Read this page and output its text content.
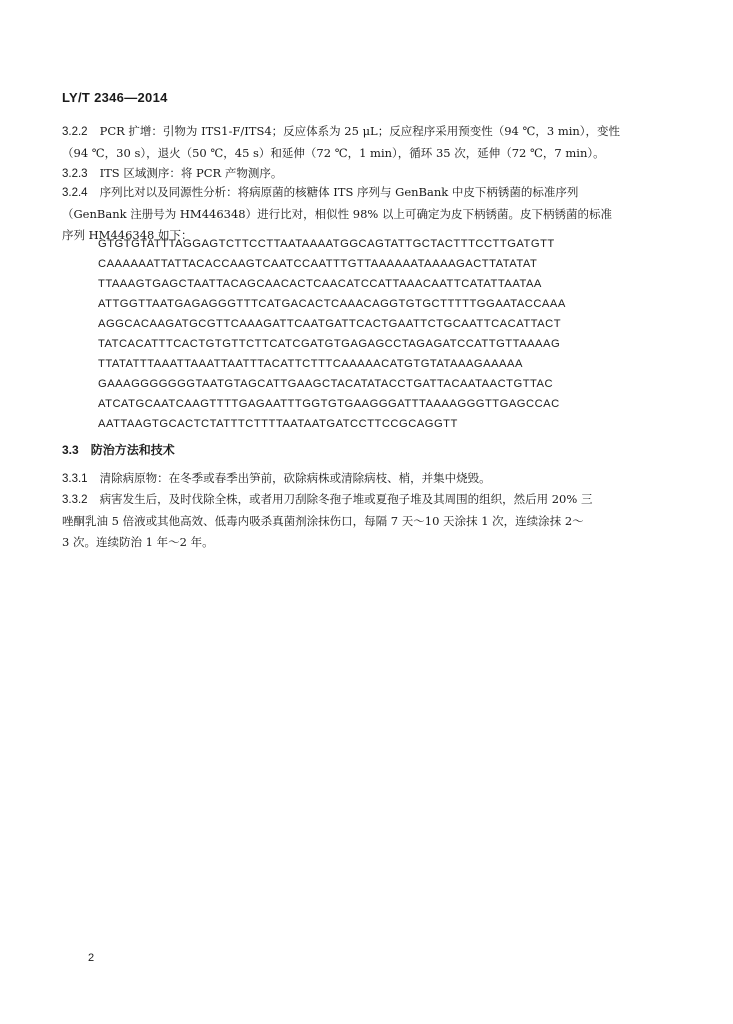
LY/T 2346—2014
3.2.2 PCR 扩增：引物为 ITS1-F/ITS4；反应体系为 25 μL；反应程序采用预变性（94 ℃，3 min），变性
（94 ℃，30 s），退火（50 ℃，45 s）和延伸（72 ℃，1 min），循环 35 次，延伸（72 ℃，7 min）。
3.2.3 ITS 区域测序：将 PCR 产物测序。
3.2.4 序列比对以及同源性分析：将病原菌的核糖体 ITS 序列与 GenBank 中皮下柄锈菌的标准序列
（GenBank 注册号为 HM446348）进行比对，相似性 98% 以上可确定为皮下柄锈菌。皮下柄锈菌的标准
序列 HM446348 如下：
GTGTGTATTTAGGAGTCTTCCTTAATAAAATGGCAGTATTGCTACTTTCCTTGATGTT
CAAAAAATTATTACACCAAGTCAATCCAATTTGTTAAAAAATAAAAGACTTATATAT
TTAAAGTGAGCTAATTACAGCAACACTCAACATCCATTAAACAATTCATATTAATAA
ATTGGTTAATGAGAGGGTTTCATGACACTCAAACAGGTGTGCTTTTTGGAATACCAAA
AGGCACAAGATGCGTTCAAAGATTCAATGATTCACTGAATTCTGCAATTCACATTACT
TATCACATTTCACTGTGTTCTTCATCGATGTGAGAGCCTAGAGATCCATTGTTAAAAG
TTATATTTAAATTAAATTAATTTACATTCTTTCAAAAACATGTGTATAAAGAAAAA
GAAAGGGGGGGTAATGTAGCATTGAAGCTACATATACCTGATTACAATAACTGTTAC
ATCATGCAATCAAGTTTTGAGAATTTGGTGTGAAGGGATTTAAAAGGGTTGAGCCAC
AATTAAGTGCACTCTATTTCTTTTAATAATGATCCTTCCGCAGGTT
3.3 防治方法和技术
3.3.1 清除病原物：在冬季或春季出笋前，砍除病株或清除病枝、梢，并集中烧毁。
3.3.2 病害发生后，及时伐除全株，或者用刀刮除冬孢子堆或夏孢子堆及其周围的组织，然后用 20% 三
唑酮乳油 5 倍液或其他高效、低毒内吸杀真菌剂涂抹伤口，每隔 7 天～10 天涂抹 1 次，连续涂抹 2～
3 次。连续防治 1 年～2 年。
2
